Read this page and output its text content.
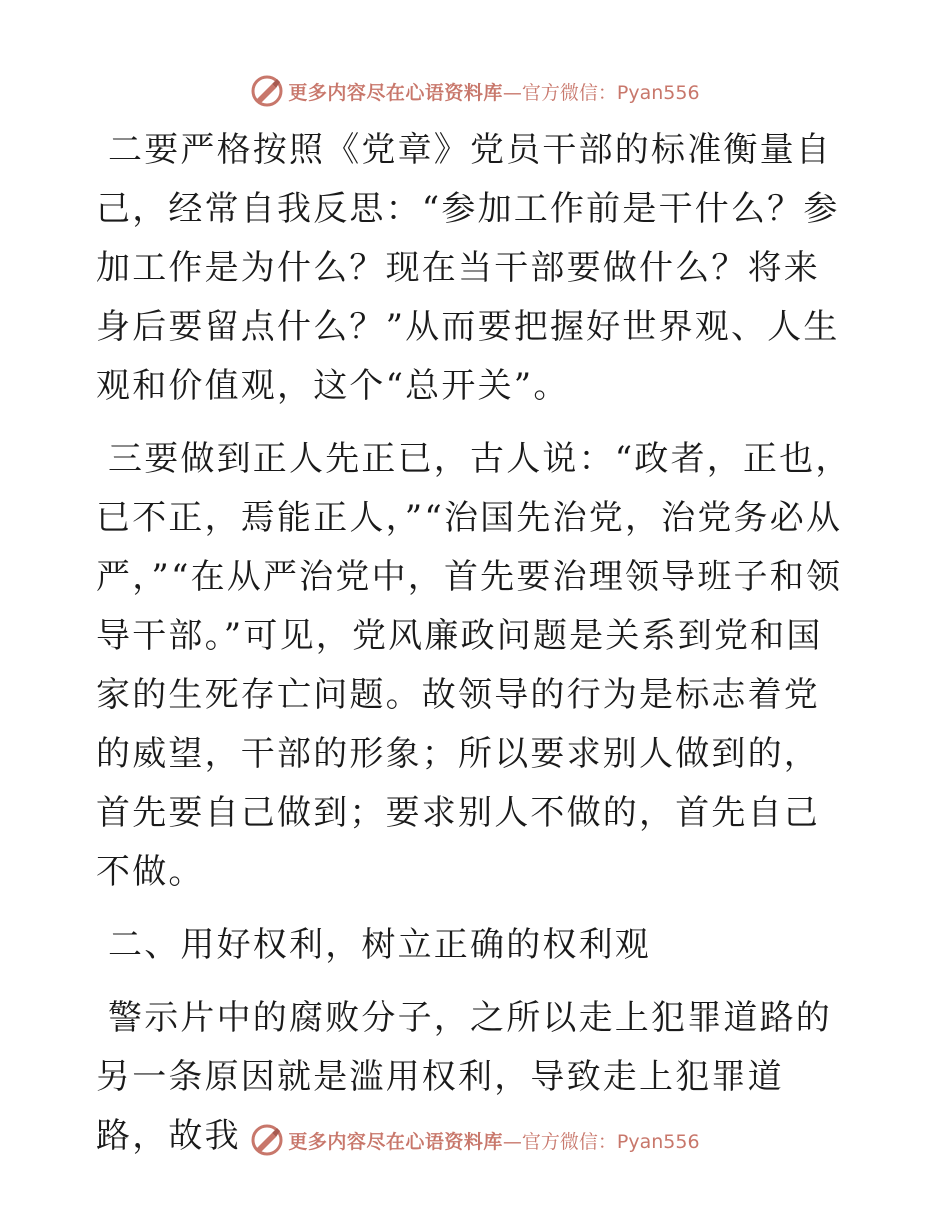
更多内容尽在心语资料库 —官方微信：Pyan556

二要严格按照《党章》党员干部的标准衡量自己，经常自我反思：“参加工作前是干什么？参加工作是为什么？现在当干部要做什么？将来身后要留点什么？”从而要把握好世界观、人生观和价值观，这个“总开关”。

三要做到正人先正已，古人说：“政者，正也，已不正，焉能正人，”“治国先治党，治党务必从严，”“在从严治党中，首先要治理领导班子和领导干部。”可见，党风廉政问题是关系到党和国家的生死存亡问题。故领导的行为是标志着党的威望，干部的形象；所以要求别人做到的，首先要自己做到；要求别人不做的，首先自己不做。

二、用好权利，树立正确的权利观

警示片中的腐败分子，之所以走上犯罪道路的另一条原因就是滥用权利，导致走上犯罪道路，故我	更多内容尽在心语资料库 —官方微信：Pyan556
